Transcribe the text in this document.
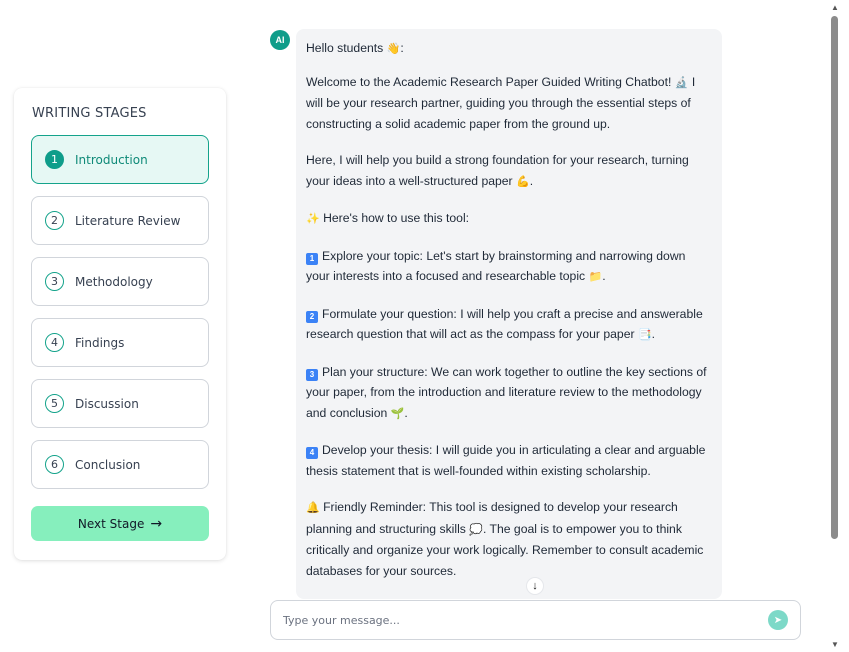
WRITING STAGES
1	Introduction
2	Literature Review
3	Methodology
4	Findings
5	Discussion
6	Conclusion
Next Stage →
AI

Hello students 👋:

Welcome to the Academic Research Paper Guided Writing Chatbot! 🔬 I will be your research partner, guiding you through the essential steps of constructing a solid academic paper from the ground up.

Here, I will help you build a strong foundation for your research, turning your ideas into a well-structured paper 💪.

✨ Here's how to use this tool:

1 Explore your topic: Let's start by brainstorming and narrowing down your interests into a focused and researchable topic 📁.

2 Formulate your question: I will help you craft a precise and answerable research question that will act as the compass for your paper 📑.

3 Plan your structure: We can work together to outline the key sections of your paper, from the introduction and literature review to the methodology and conclusion 🌱.

4 Develop your thesis: I will guide you in articulating a clear and arguable thesis statement that is well-founded within existing scholarship.

🔔 Friendly Reminder: This tool is designed to develop your research planning and structuring skills 💭. The goal is to empower you to think critically and organize your work logically. Remember to consult academic databases for your sources.

↓
Type your message...
➤
▲
▼
